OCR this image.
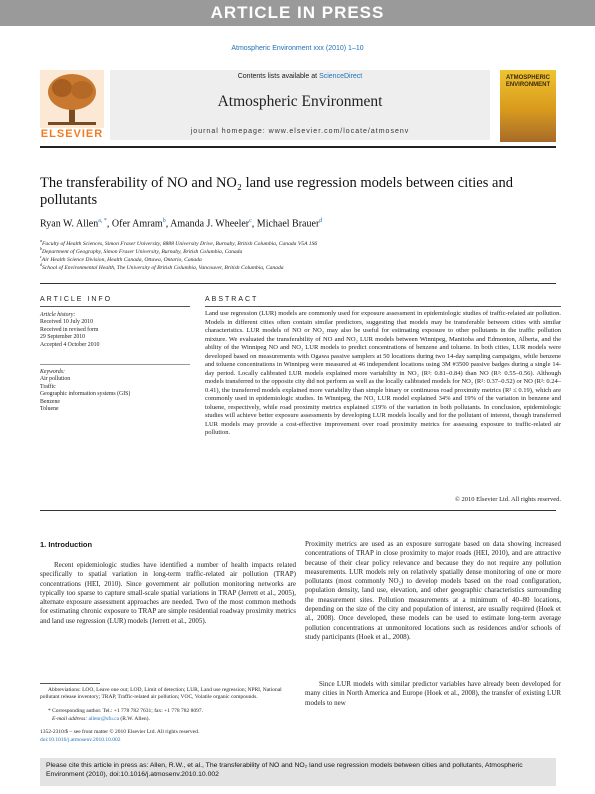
ARTICLE IN PRESS
Atmospheric Environment xxx (2010) 1–10
ELSEVIER
Contents lists available at ScienceDirect
Atmospheric Environment
journal homepage: www.elsevier.com/locate/atmosenv
ATMOSPHERIC ENVIRONMENT
The transferability of NO and NO₂ land use regression models between cities and pollutants
Ryan W. Allen$^{a, *}$, Ofer Amram$^b$, Amanda J. Wheeler$^c$, Michael Brauer$^d$
$^a$Faculty of Health Sciences, Simon Fraser University, 8888 University Drive, Burnaby, British Columbia, Canada V5A 1S6
$^b$Department of Geography, Simon Fraser University, Burnaby, British Columbia, Canada
$^c$Air Health Science Division, Health Canada, Ottawa, Ontario, Canada
$^d$School of Environmental Health, The University of British Columbia, Vancouver, British Columbia, Canada
ARTICLE INFO
Article history:
Received 10 July 2010
Received in revised form
29 September 2010
Accepted 4 October 2010
Keywords:
Air pollution
Traffic
Geographic information systems (GIS)
Benzene
Toluene
ABSTRACT
Land use regression (LUR) models are commonly used for exposure assessment in epidemiologic studies of traffic-related air pollution. Models in different cities often contain similar predictors, suggesting that models may be transferable between cities with similar characteristics. LUR models of NO or NO₂ may also be useful for estimating exposure to other pollutants in the traffic pollution mixture. We evaluated the transferability of NO and NO₂ LUR models between Winnipeg, Manitoba and Edmonton, Alberta, and the ability of the Winnipeg NO and NO₂ LUR models to predict concentrations of benzene and toluene. In both cities, LUR models were developed based on measurements with Ogawa passive samplers at 50 locations during two 14-day sampling campaigns, while benzene and toluene concentrations in Winnipeg were measured at 46 independent locations using 3M #3500 passive badges during a single 14-day period. Locally calibrated LUR models explained more variability in NO₂ (R²: 0.81–0.84) than NO (R²: 0.55–0.56). Although models transferred to the opposite city did not perform as well as the locally calibrated models for NO₂ (R²: 0.37–0.52) or NO (R²: 0.24–0.41), the transferred models explained more variability than simple binary or continuous road proximity metrics (R² ≤ 0.19), which are commonly used in epidemiologic studies. In Winnipeg, the NO₂ LUR model explained 34% and 19% of the variation in benzene and toluene, respectively, while road proximity metrics explained ≤19% of the variation in both pollutants. In conclusion, epidemiologic studies will achieve better exposure assessments by developing LUR models locally and for the pollutant of interest, though transferred LUR models may provide a cost-effective improvement over road proximity metrics for assessing exposure to traffic-related air pollution.
© 2010 Elsevier Ltd. All rights reserved.
1. Introduction
Recent epidemiologic studies have identified a number of health impacts related specifically to spatial variation in long-term traffic-related air pollution (TRAP) concentrations (HEI, 2010). Since government air pollution monitoring networks are typically too sparse to capture small-scale spatial variations in TRAP (Jerrett et al., 2005), alternate exposure assessment approaches are needed. Two of the most common methods for estimating chronic exposure to TRAP are simple residential roadway proximity metrics and land use regression (LUR) models (Jerrett et al., 2005).
Abbreviations: LOO, Leave one out; LOD, Limit of detection; LUR, Land use regression; NPRI, National pollutant release inventory; TRAP, Traffic-related air pollution; VOC, Volatile organic compounds.
* Corresponding author. Tel.: +1 778 782 7631; fax: +1 778 782 8097.
E-mail address: allenr@sfu.ca (R.W. Allen).
1352-2310/$ – see front matter © 2010 Elsevier Ltd. All rights reserved.
doi:10.1016/j.atmosenv.2010.10.002
Proximity metrics are used as an exposure surrogate based on data showing increased concentrations of TRAP in close proximity to major roads (HEI, 2010), and are attractive because of their clear policy relevance and because they do not require any pollution measurements. LUR models rely on relatively spatially dense monitoring of one or more pollutants (most commonly NO₂) to develop models based on the road configuration, population density, land use, elevation, and other geographic characteristics surrounding the measurement sites. Pollution measurements at a minimum of 40–80 locations, depending on the size of the city and population of interest, are usually required (Hoek et al., 2008). Once developed, these models can be used to estimate long-term average pollution concentrations at unmonitored locations such as residences and/or schools of study participants (Hoek et al., 2008).
Since LUR models with similar predictor variables have already been developed for many cities in North America and Europe (Hoek et al., 2008), the transfer of existing LUR models to new
Please cite this article in press as: Allen, R.W., et al., The transferability of NO and NO₂ land use regression models between cities and pollutants, Atmospheric Environment (2010), doi:10.1016/j.atmosenv.2010.10.002
